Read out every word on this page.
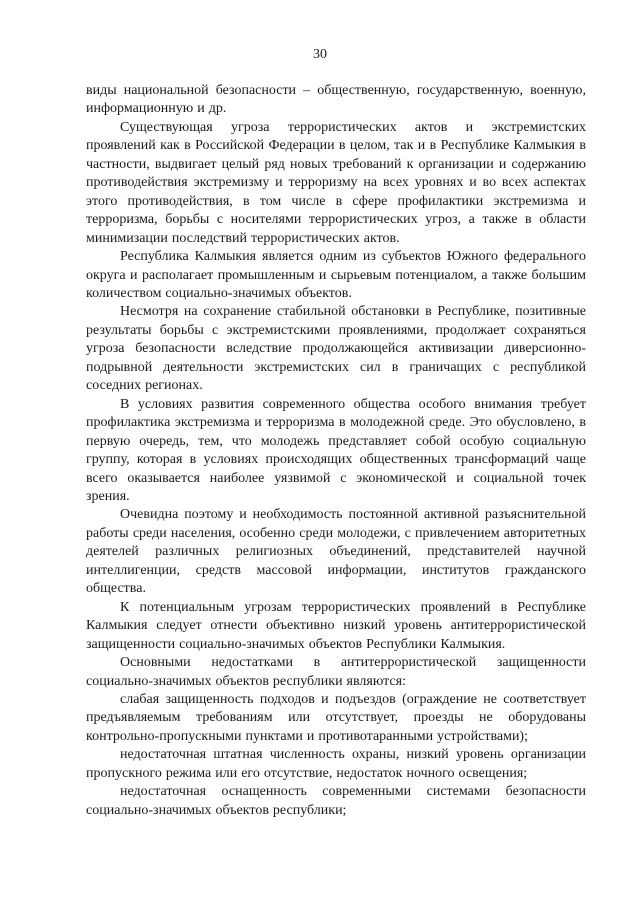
30

виды национальной безопасности – общественную, государственную, военную, информационную и др.

Существующая угроза террористических актов и экстремистских проявлений как в Российской Федерации в целом, так и в Республике Калмыкия в частности, выдвигает целый ряд новых требований к организации и содержанию противодействия экстремизму и терроризму на всех уровнях и во всех аспектах этого противодействия, в том числе в сфере профилактики экстремизма и терроризма, борьбы с носителями террористических угроз, а также в области минимизации последствий террористических актов.

Республика Калмыкия является одним из субъектов Южного федерального округа и располагает промышленным и сырьевым потенциалом, а также большим количеством социально-значимых объектов.

Несмотря на сохранение стабильной обстановки в Республике, позитивные результаты борьбы с экстремистскими проявлениями, продолжает сохраняться угроза безопасности вследствие продолжающейся активизации диверсионно-подрывной деятельности экстремистских сил в граничащих с республикой соседних регионах.

В условиях развития современного общества особого внимания требует профилактика экстремизма и терроризма в молодежной среде. Это обусловлено, в первую очередь, тем, что молодежь представляет собой особую социальную группу, которая в условиях происходящих общественных трансформаций чаще всего оказывается наиболее уязвимой с экономической и социальной точек зрения.

Очевидна поэтому и необходимость постоянной активной разъяснительной работы среди населения, особенно среди молодежи, с привлечением авторитетных деятелей различных религиозных объединений, представителей научной интеллигенции, средств массовой информации, институтов гражданского общества.

К потенциальным угрозам террористических проявлений в Республике Калмыкия следует отнести объективно низкий уровень антитеррористической защищенности социально-значимых объектов Республики Калмыкия.

Основными недостатками в антитеррористической защищенности социально-значимых объектов республики являются:

слабая защищенность подходов и подъездов (ограждение не соответствует предъявляемым требованиям или отсутствует, проезды не оборудованы контрольно-пропускными пунктами и противотаранными устройствами);

недостаточная штатная численность охраны, низкий уровень организации пропускного режима или его отсутствие, недостаток ночного освещения;

недостаточная оснащенность современными системами безопасности социально-значимых объектов республики;
